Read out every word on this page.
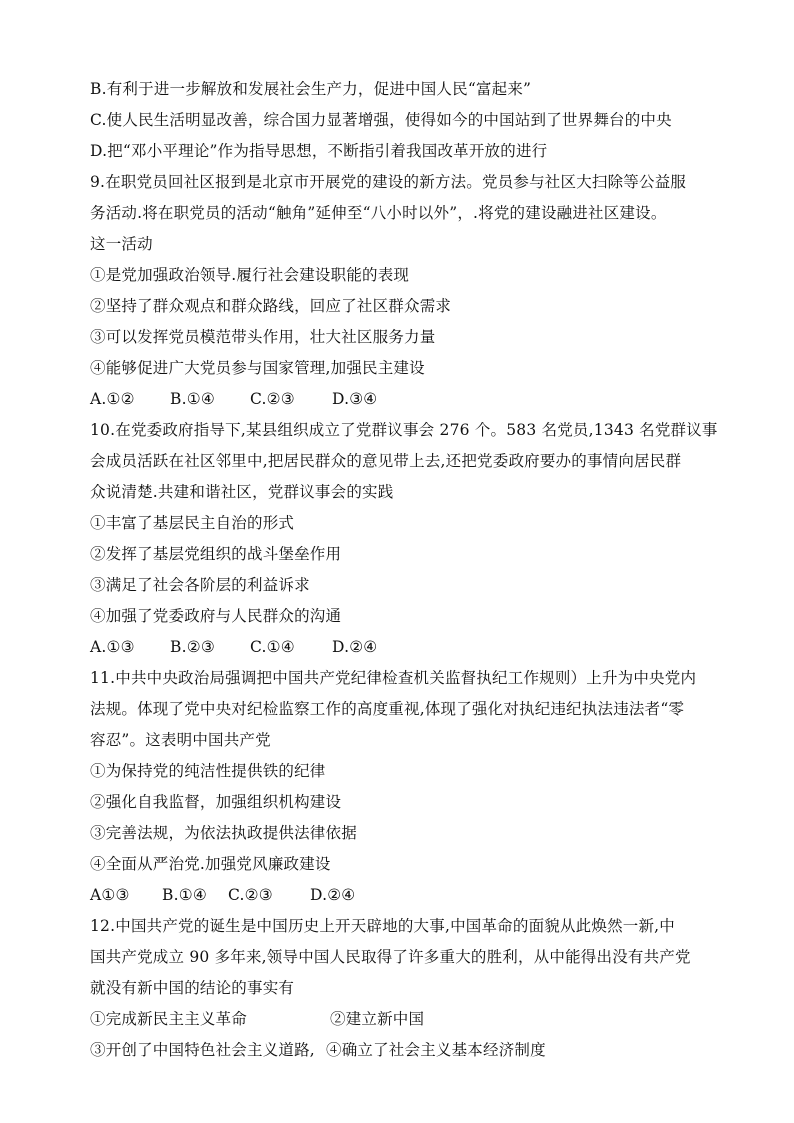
B.有利于进一步解放和发展社会生产力，促进中国人民“富起来”
C.使人民生活明显改善，综合国力显著增强，使得如今的中国站到了世界舞台的中央
D.把“邓小平理论”作为指导思想，不断指引着我国改革开放的进行
9.在职党员回社区报到是北京市开展党的建设的新方法。党员参与社区大扫除等公益服
务活动.将在职党员的活动“触角”延伸至“八小时以外”，.将党的建设融进社区建设。
这一活动
①是党加强政治领导.履行社会建设职能的表现
②坚持了群众观点和群众路线，回应了社区群众需求
③可以发挥党员模范带头作用，壮大社区服务力量
④能够促进广大党员参与国家管理,加强民主建设
A.①②	B.①④	C.②③	D.③④
10.在党委政府指导下,某县组织成立了党群议事会 276 个。583 名党员,1343 名党群议事
会成员活跃在社区邻里中,把居民群众的意见带上去,还把党委政府要办的事情向居民群
众说清楚.共建和谐社区，党群议事会的实践
①丰富了基层民主自治的形式
②发挥了基层党组织的战斗堡垒作用
③满足了社会各阶层的利益诉求
④加强了党委政府与人民群众的沟通
A.①③	B.②③	C.①④	D.②④
11.中共中央政治局强调把中国共产党纪律检查机关监督执纪工作规则）上升为中央党内
法规。体现了党中央对纪检监察工作的高度重视,体现了强化对执纪违纪执法违法者“零
容忍”。这表明中国共产党
①为保持党的纯洁性提供铁的纪律
②强化自我监督，加强组织机构建设
③完善法规，为依法执政提供法律依据
④全面从严治党.加强党风廉政建设
A①③	B.①④	C.②③	D.②④
12.中国共产党的诞生是中国历史上开天辟地的大事,中国革命的面貌从此焕然一新,中
国共产党成立 90 多年来,领导中国人民取得了许多重大的胜利，从中能得出没有共产党
就没有新中国的结论的事实有
①完成新民主主义革命	②建立新中国
③开创了中国特色社会主义道路, ④确立了社会主义基本经济制度
